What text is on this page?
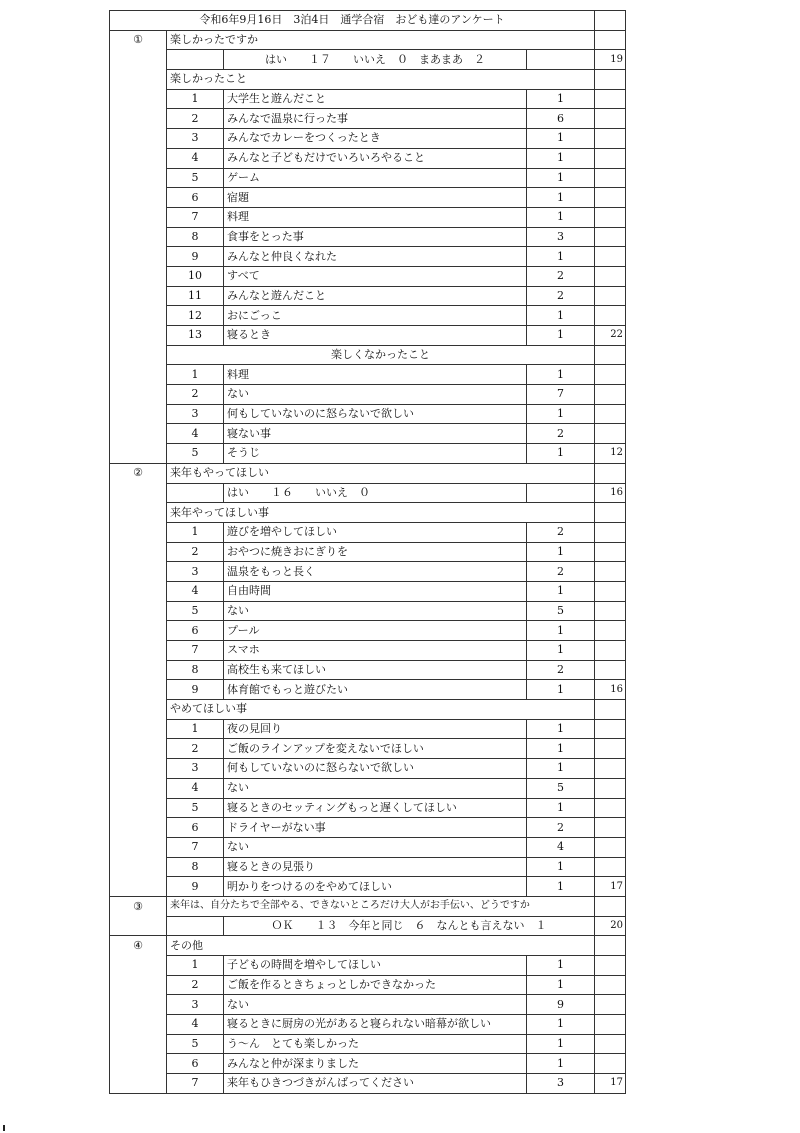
令和6年9月16日　3泊4日　通学合宿　おども達のアンケート				
①	楽しかったですか			
		はい　　１７　　いいえ　０　まあまあ　２		19
	楽しかったこと			
	1	大学生と遊んだこと	1	
	2	みんなで温泉に行った事	6	
	3	みんなでカレーをつくったとき	1	
	4	みんなと子どもだけでいろいろやること	1	
	5	ゲーム	1	
	6	宿題	1	
	7	料理	1	
	8	食事をとった事	3	
	9	みんなと仲良くなれた	1	
	10	すべて	2	
	11	みんなと遊んだこと	2	
	12	おにごっこ	1	
	13	寝るとき	1	22
	楽しくなかったこと			
	1	料理	1	
	2	ない	7	
	3	何もしていないのに怒らないで欲しい	1	
	4	寝ない事	2	
	5	そうじ	1	12
②	来年もやってほしい			
		はい　　１６　　いいえ　０		16
	来年やってほしい事			
	1	遊びを増やしてほしい	2	
	2	おやつに焼きおにぎりを	1	
	3	温泉をもっと長く	2	
	4	自由時間	1	
	5	ない	5	
	6	プール	1	
	7	スマホ	1	
	8	高校生も来てほしい	2	
	9	体育館でもっと遊びたい	1	16
	やめてほしい事			
	1	夜の見回り	1	
	2	ご飯のラインアップを変えないでほしい	1	
	3	何もしていないのに怒らないで欲しい	1	
	4	ない	5	
	5	寝るときのセッティングもっと遅くしてほしい	1	
	6	ドライヤーがない事	2	
	7	ない	4	
	8	寝るときの見張り	1	
	9	明かりをつけるのをやめてほしい	1	17
③	来年は、自分たちで全部やる、できないところだけ大人がお手伝い、どうですか			
		ＯＫ　　１３　今年と同じ　６　なんとも言えない　１		20
④	その他			
	1	子どもの時間を増やしてほしい	1	
	2	ご飯を作るときちょっとしかできなかった	1	
	3	ない	9	
	4	寝るときに厨房の光があると寝られない暗幕が欲しい	1	
	5	う～ん　とても楽しかった	1	
	6	みんなと仲が深まりました	1	
	7	来年もひきつづきがんばってください	3	17
